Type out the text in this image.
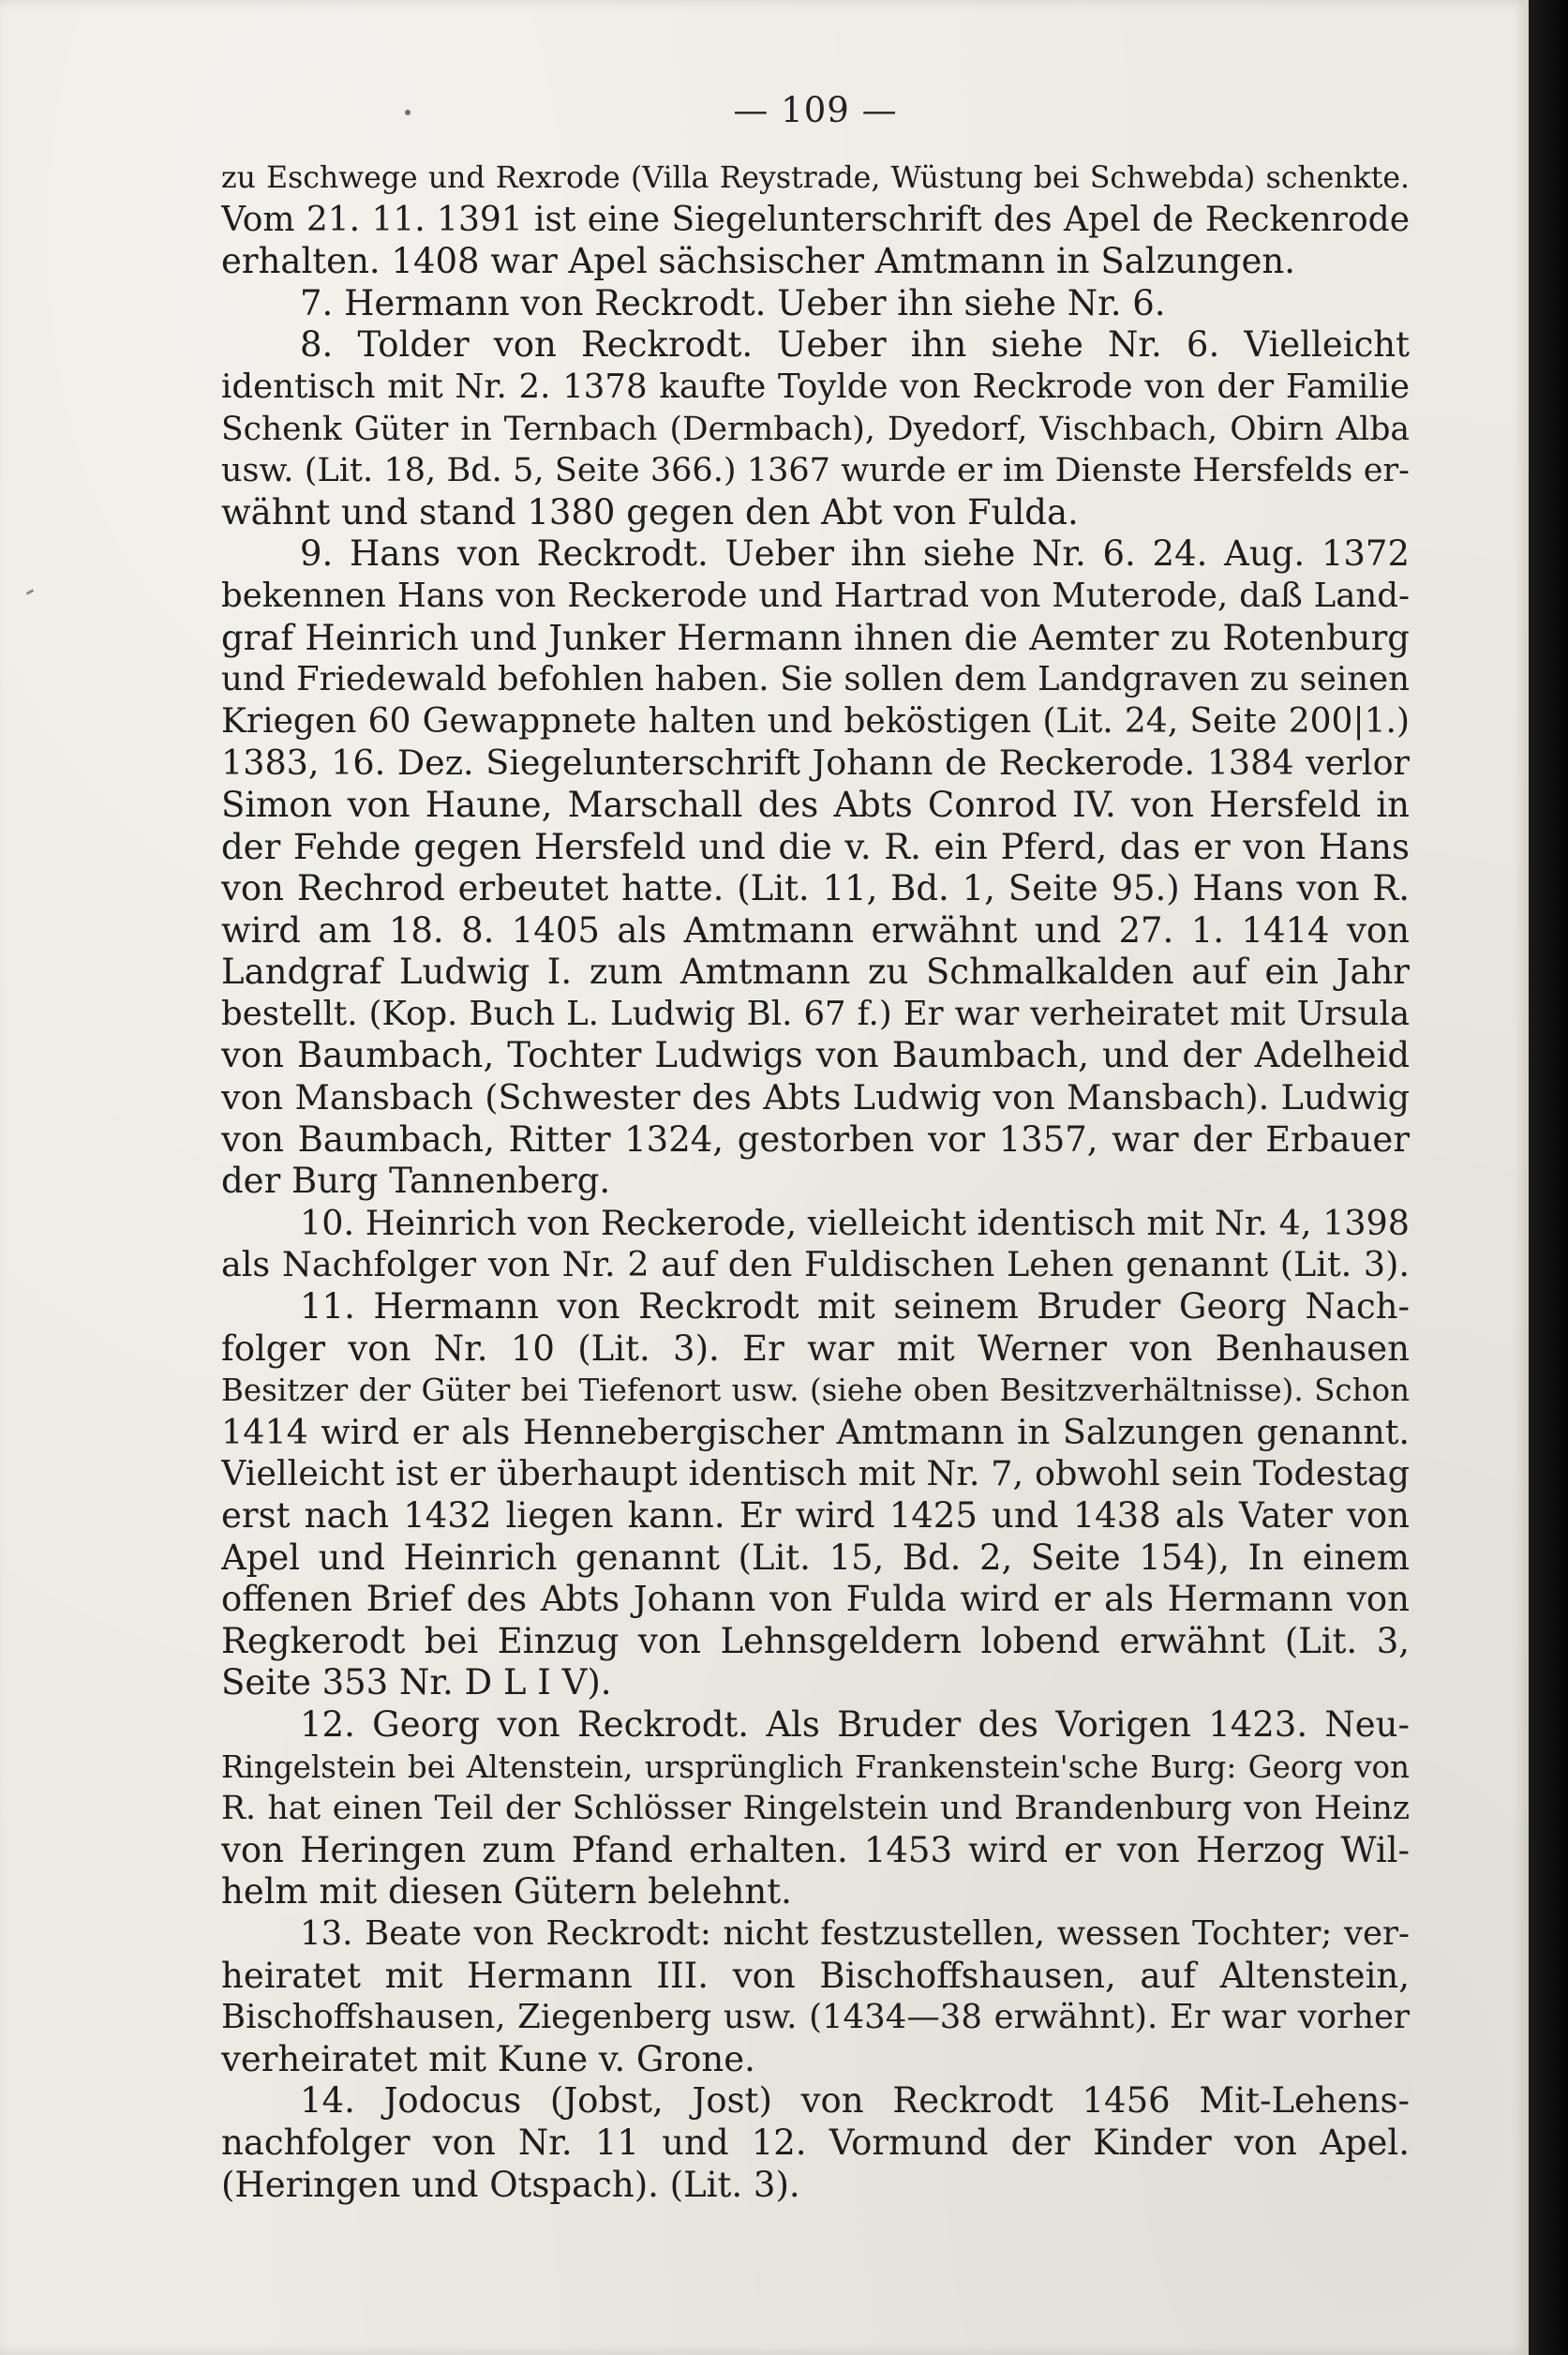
— 109 —
zu Eschwege und Rexrode (Villa Reystrade, Wüstung bei Schwebda) schenkte.
Vom 21. 11. 1391 ist eine Siegelunterschrift des Apel de Reckenrode
erhalten. 1408 war Apel sächsischer Amtmann in Salzungen.
7. Hermann von Reckrodt. Ueber ihn siehe Nr. 6.
8. Tolder von Reckrodt. Ueber ihn siehe Nr. 6. Vielleicht
identisch mit Nr. 2. 1378 kaufte Toylde von Reckrode von der Familie
Schenk Güter in Ternbach (Dermbach), Dyedorf, Vischbach, Obirn Alba
usw. (Lit. 18, Bd. 5, Seite 366.) 1367 wurde er im Dienste Hersfelds er-
wähnt und stand 1380 gegen den Abt von Fulda.
9. Hans von Reckrodt. Ueber ihn siehe Nr. 6. 24. Aug. 1372
bekennen Hans von Reckerode und Hartrad von Muterode, daß Land-
graf Heinrich und Junker Hermann ihnen die Aemter zu Rotenburg
und Friedewald befohlen haben. Sie sollen dem Landgraven zu seinen
Kriegen 60 Gewappnete halten und beköstigen (Lit. 24, Seite 200|1.)
1383, 16. Dez. Siegelunterschrift Johann de Reckerode. 1384 verlor
Simon von Haune, Marschall des Abts Conrod IV. von Hersfeld in
der Fehde gegen Hersfeld und die v. R. ein Pferd, das er von Hans
von Rechrod erbeutet hatte. (Lit. 11, Bd. 1, Seite 95.) Hans von R.
wird am 18. 8. 1405 als Amtmann erwähnt und 27. 1. 1414 von
Landgraf Ludwig I. zum Amtmann zu Schmalkalden auf ein Jahr
bestellt. (Kop. Buch L. Ludwig Bl. 67 f.) Er war verheiratet mit Ursula
von Baumbach, Tochter Ludwigs von Baumbach, und der Adelheid
von Mansbach (Schwester des Abts Ludwig von Mansbach). Ludwig
von Baumbach, Ritter 1324, gestorben vor 1357, war der Erbauer
der Burg Tannenberg.
10. Heinrich von Reckerode, vielleicht identisch mit Nr. 4, 1398
als Nachfolger von Nr. 2 auf den Fuldischen Lehen genannt (Lit. 3).
11. Hermann von Reckrodt mit seinem Bruder Georg Nach-
folger von Nr. 10 (Lit. 3). Er war mit Werner von Benhausen
Besitzer der Güter bei Tiefenort usw. (siehe oben Besitzverhältnisse). Schon
1414 wird er als Hennebergischer Amtmann in Salzungen genannt.
Vielleicht ist er überhaupt identisch mit Nr. 7, obwohl sein Todestag
erst nach 1432 liegen kann. Er wird 1425 und 1438 als Vater von
Apel und Heinrich genannt (Lit. 15, Bd. 2, Seite 154), In einem
offenen Brief des Abts Johann von Fulda wird er als Hermann von
Regkerodt bei Einzug von Lehnsgeldern lobend erwähnt (Lit. 3,
Seite 353 Nr. D L I V).
12. Georg von Reckrodt. Als Bruder des Vorigen 1423. Neu-
Ringelstein bei Altenstein, ursprünglich Frankenstein'sche Burg: Georg von
R. hat einen Teil der Schlösser Ringelstein und Brandenburg von Heinz
von Heringen zum Pfand erhalten. 1453 wird er von Herzog Wil-
helm mit diesen Gütern belehnt.
13. Beate von Reckrodt: nicht festzustellen, wessen Tochter; ver-
heiratet mit Hermann III. von Bischoffshausen, auf Altenstein,
Bischoffshausen, Ziegenberg usw. (1434—38 erwähnt). Er war vorher
verheiratet mit Kune v. Grone.
14. Jodocus (Jobst, Jost) von Reckrodt 1456 Mit-Lehens-
nachfolger von Nr. 11 und 12. Vormund der Kinder von Apel.
(Heringen und Otspach). (Lit. 3).
